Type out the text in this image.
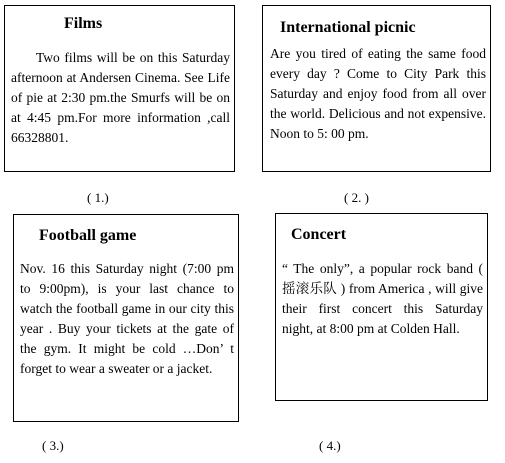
Films

Two films will be on this Saturday afternoon at Andersen Cinema. See Life of pie at 2:30 pm.the Smurfs will be on at 4:45 pm.For more information ,call 66328801.

International picnic

Are you tired of eating the same food every day ? Come to City Park this Saturday and enjoy food from all over the world. Delicious and not expensive. Noon to 5: 00 pm.

Football game

Nov. 16 this Saturday night (7:00 pm to 9:00pm), is your last chance to watch the football game in our city this year . Buy your tickets at the gate of the gym. It might be cold …Don’ t forget to wear a sweater or a jacket.

Concert

“ The only”, a popular rock band ( 摇滚乐队 ) from America , will give their first concert this Saturday night, at 8:00 pm at Colden Hall.

( 1.)	( 2. )
( 3.)	( 4.)
